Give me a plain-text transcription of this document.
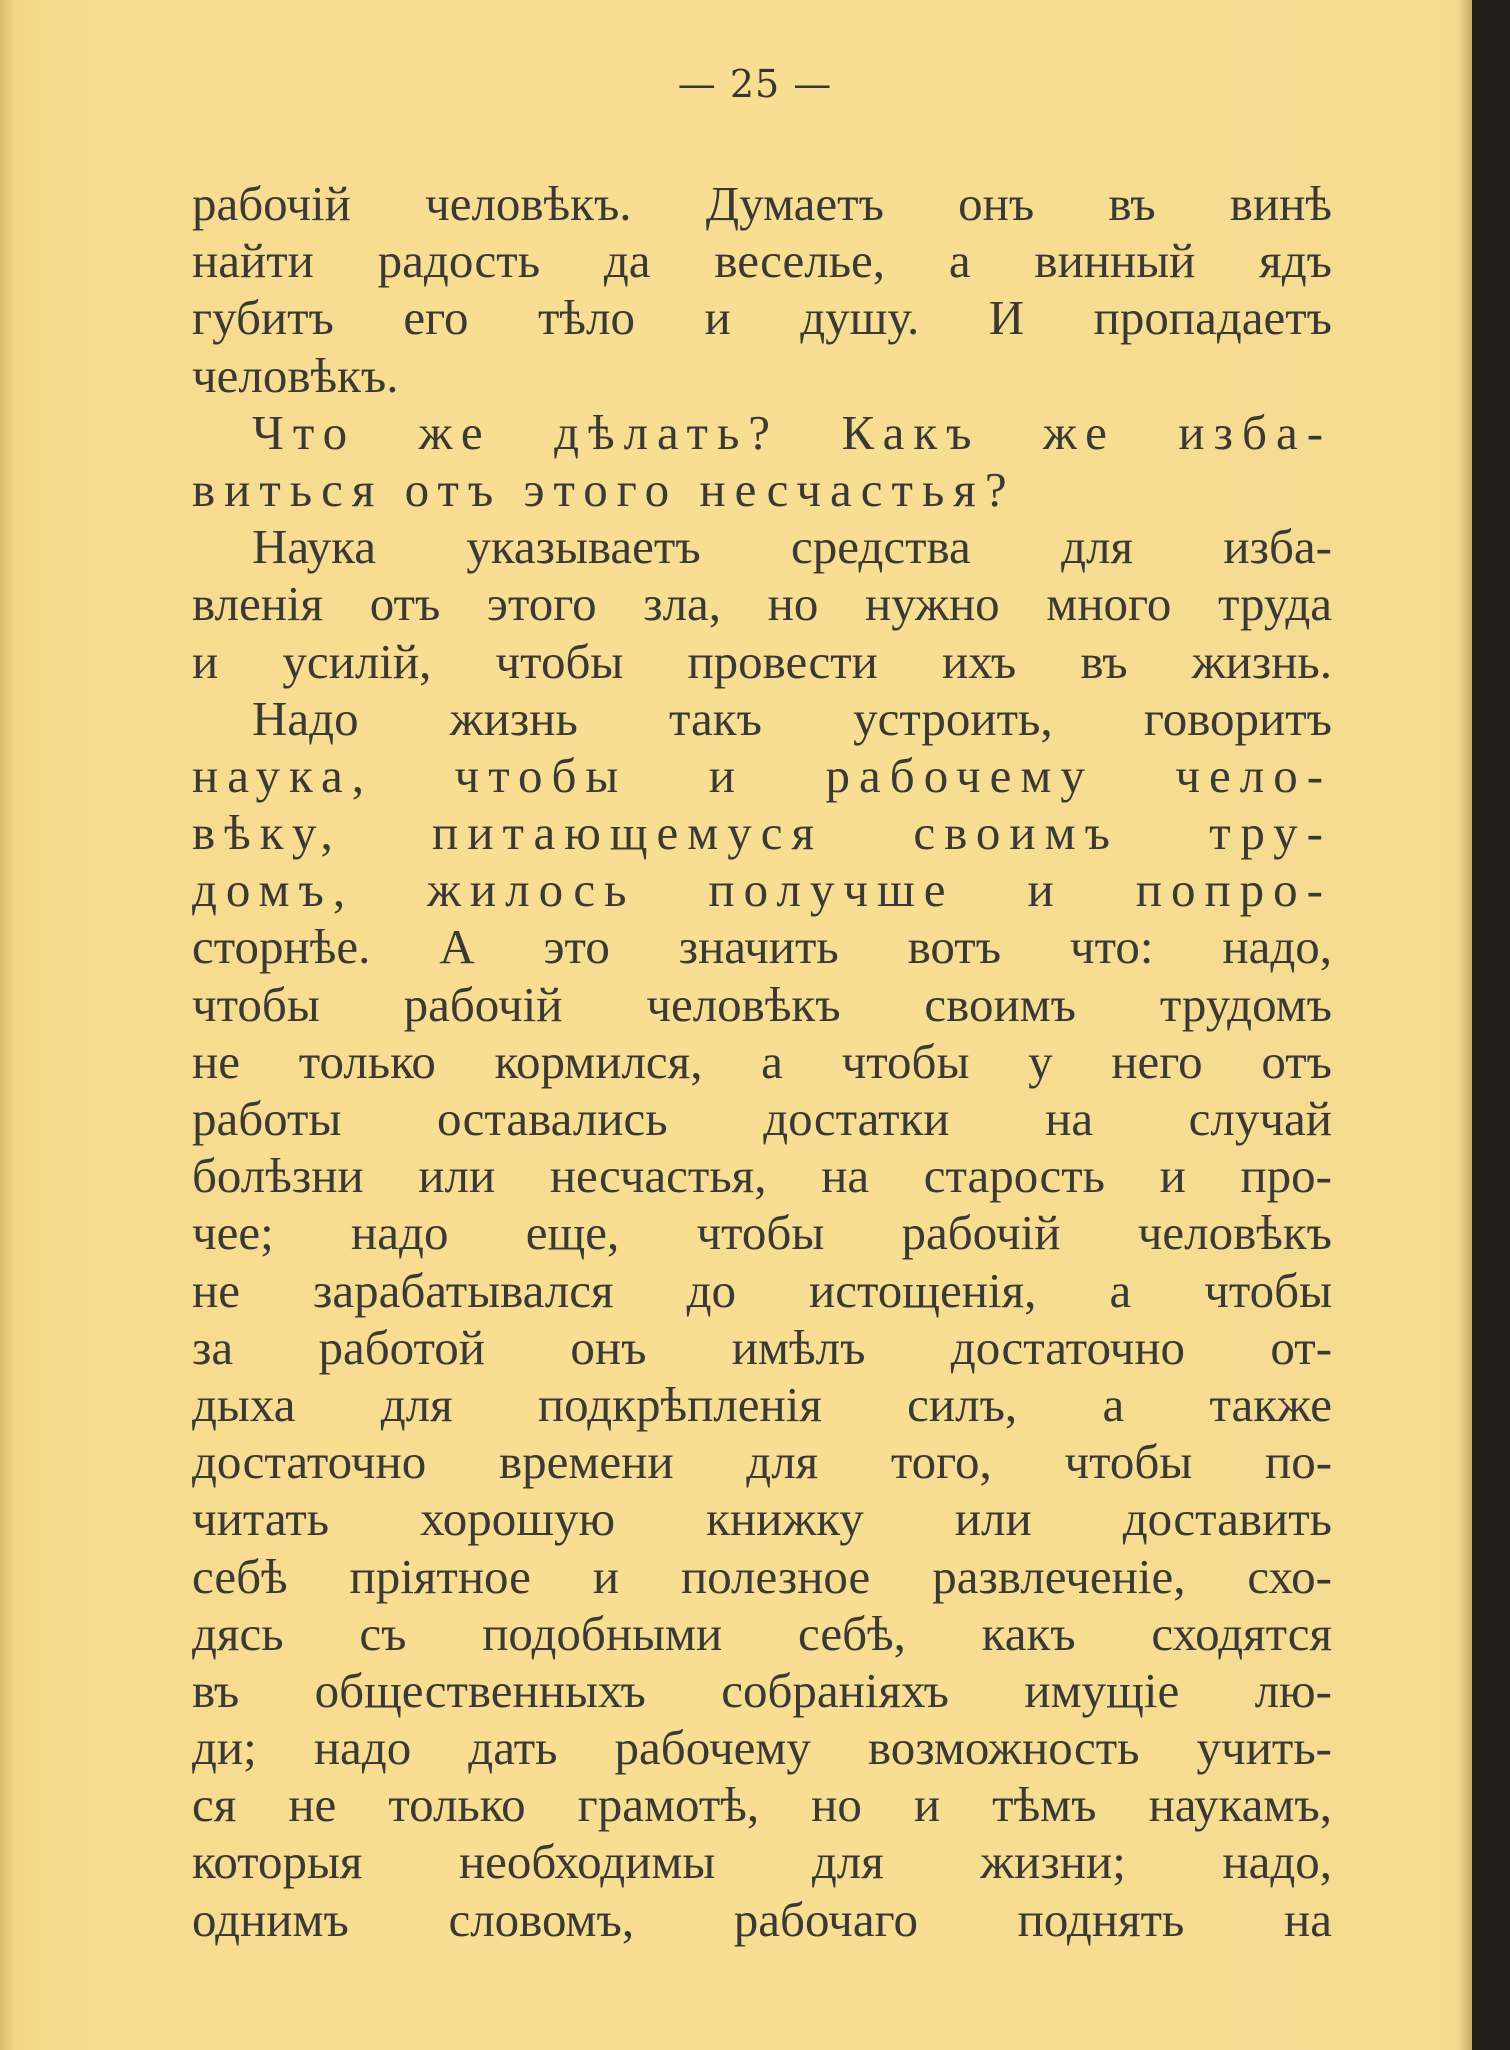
— 25 —
рабочій человѣкъ. Думаетъ онъ въ винѣ
найти радость да веселье, а винный ядъ
губитъ его тѣло и душу. И пропадаетъ
человѣкъ.
Что же дѣлать? Какъ же избa-
виться отъ этого несчастья?
Наука указываетъ средства для изба-
вленія отъ этого зла, но нужно много труда
и усилій, чтобы провести ихъ въ жизнь.
Надо жизнь такъ устроить, говоритъ
наука, чтобы и рабочему чело-
вѣку, питающемуся своимъ тру-
домъ, жилось получше и попро-
сторнѣе. А это значить вотъ что: надо,
чтобы рабочій человѣкъ своимъ трудомъ
не только кормился, а чтобы у него отъ
работы оставались достатки на случай
болѣзни или несчастья, на старость и про-
чее; надо еще, чтобы рабочій человѣкъ
не зарабатывался до истощенія, а чтобы
за работой онъ имѣлъ достаточно от-
дыха для подкрѣпленія силъ, а также
достаточно времени для того, чтобы по-
читать хорошую книжку или доставить
себѣ пріятное и полезное развлеченіе, схо-
дясь съ подобными себѣ, какъ сходятся
въ общественныхъ собраніяхъ имущіе лю-
ди; надо дать рабочему возможность учить-
ся не только грамотѣ, но и тѣмъ наукамъ,
которыя необходимы для жизни; надо,
однимъ словомъ, рабочаго поднять на
